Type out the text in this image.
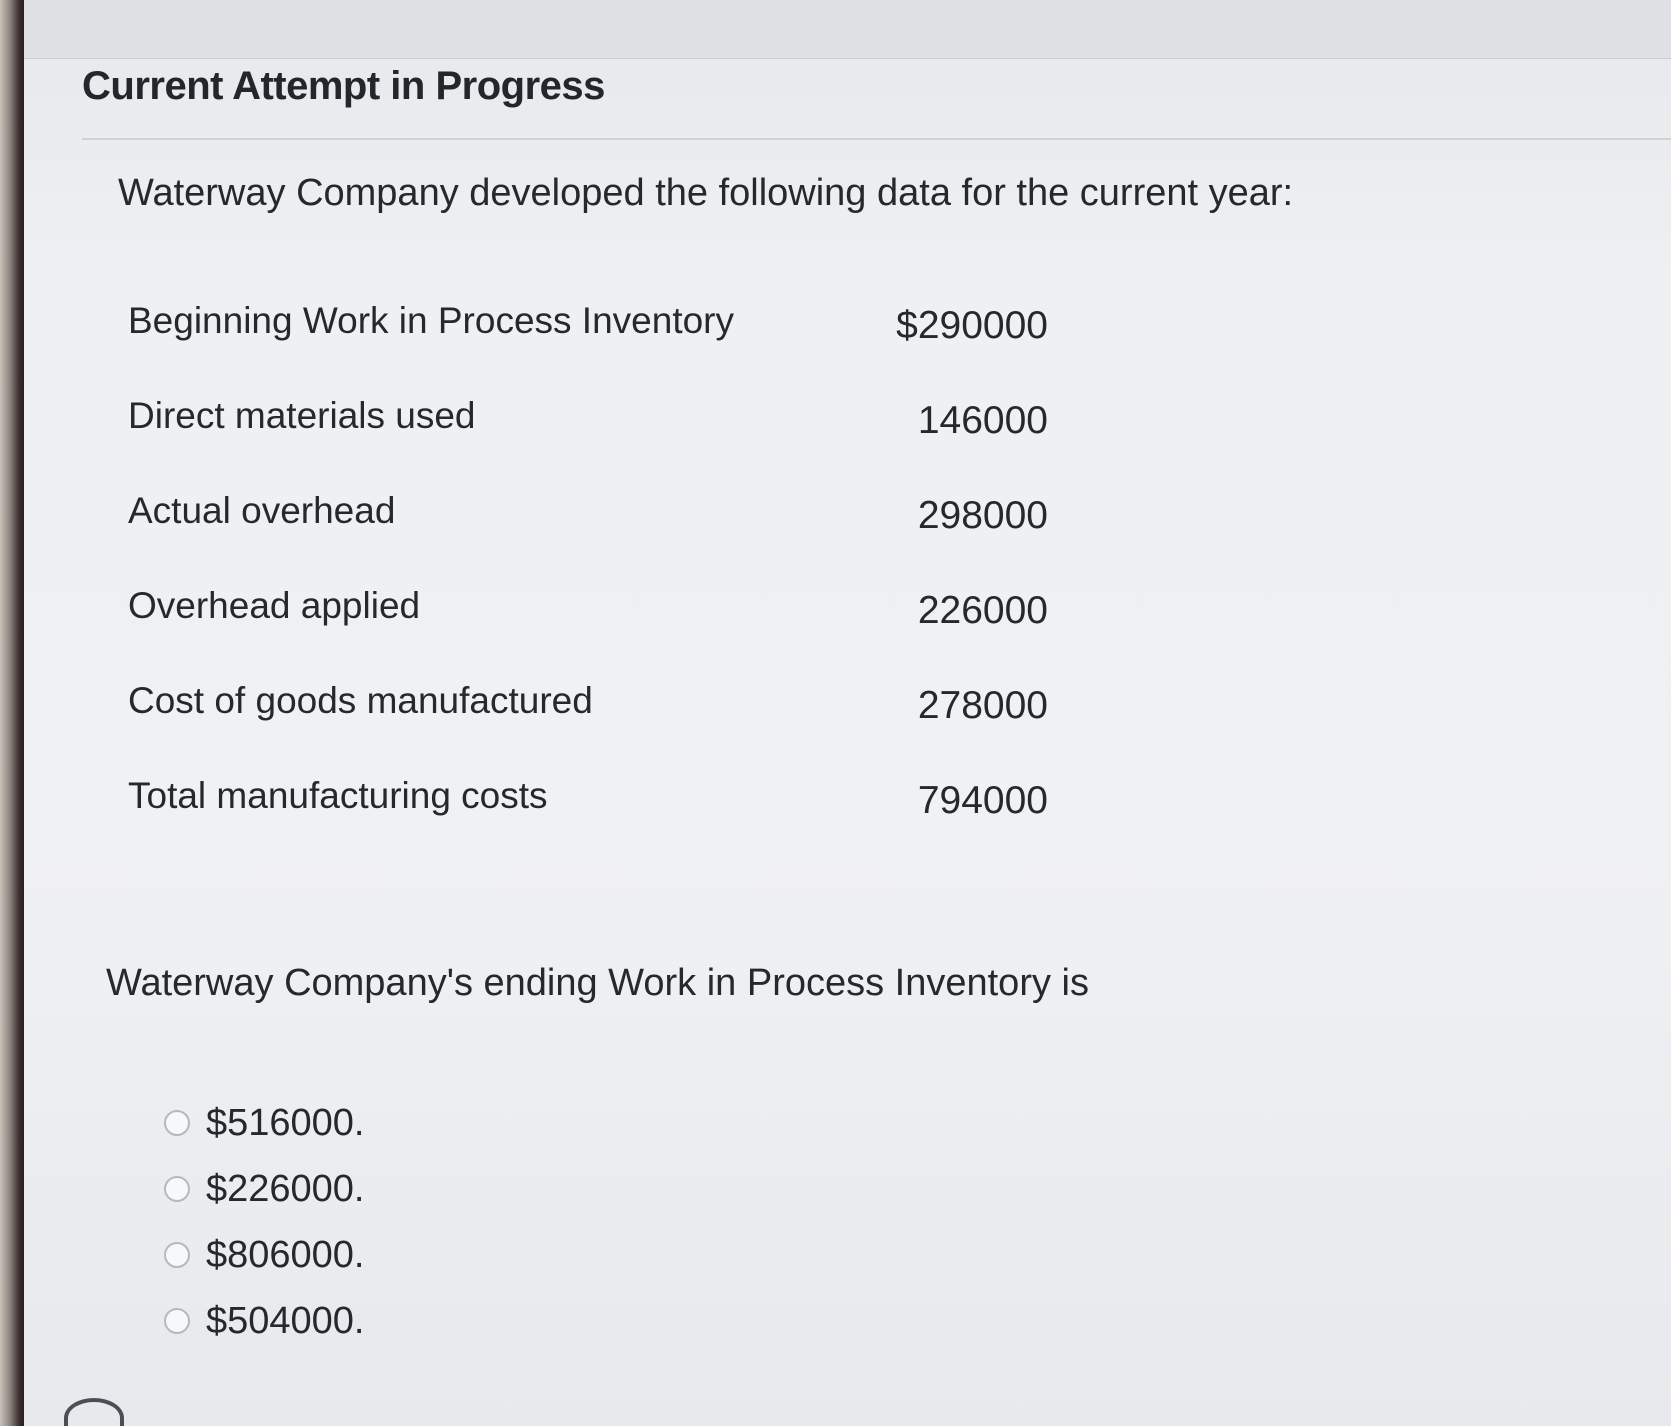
Current Attempt in Progress
Waterway Company developed the following data for the current year:
Beginning Work in Process Inventory	$290000
Direct materials used	146000
Actual overhead	298000
Overhead applied	226000
Cost of goods manufactured	278000
Total manufacturing costs	794000
Waterway Company's ending Work in Process Inventory is
$516000.
$226000.
$806000.
$504000.
